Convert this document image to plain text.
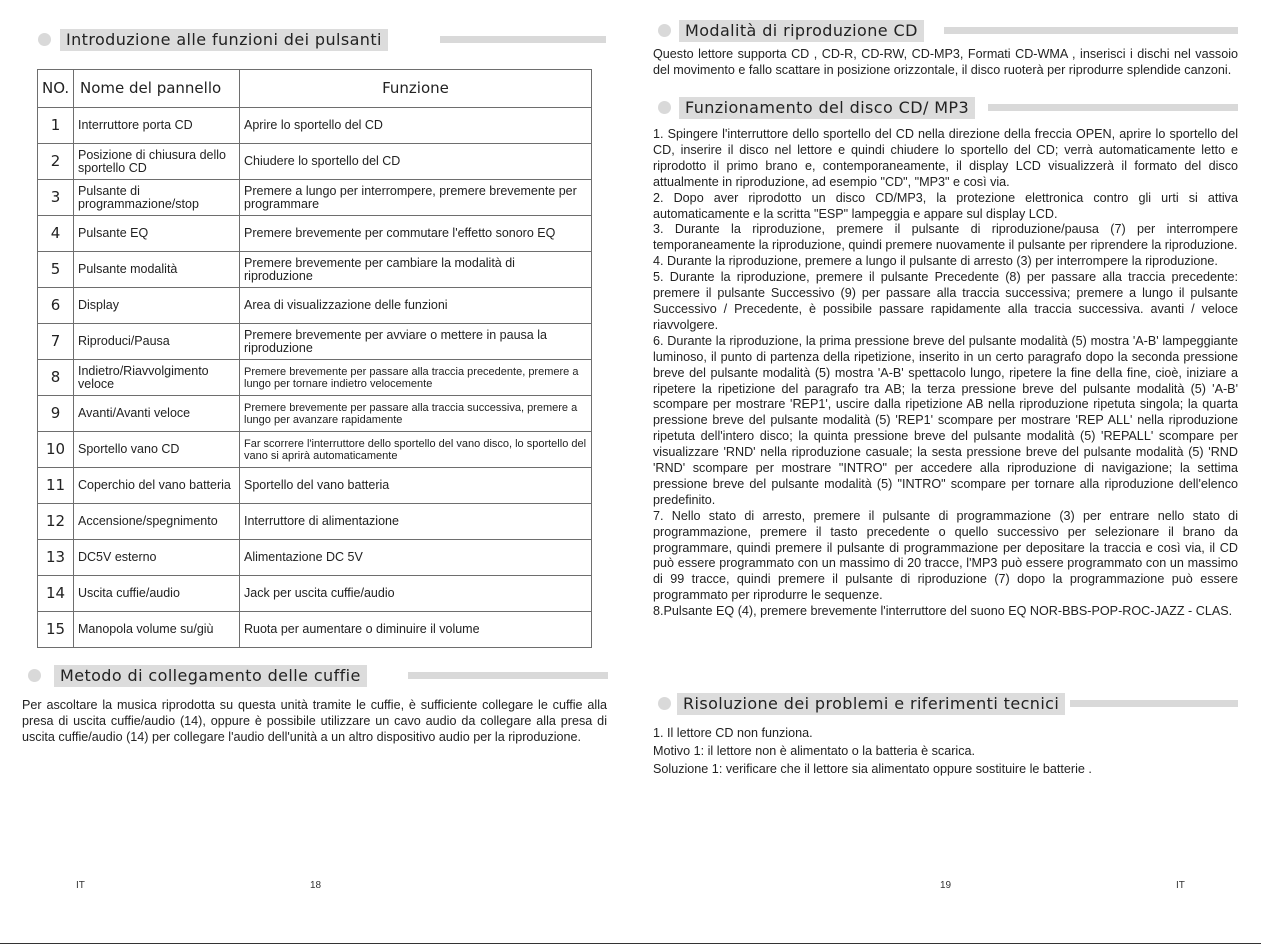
Introduzione alle funzioni dei pulsanti
NO.	Nome del pannello	Funzione
1	Interruttore porta CD	Aprire lo sportello del CD
2	Posizione di chiusura dello sportello CD	Chiudere lo sportello del CD
3	Pulsante di programmazione/stop	Premere a lungo per interrompere, premere brevemente per programmare
4	Pulsante EQ	Premere brevemente per commutare l'effetto sonoro EQ
5	Pulsante modalità	Premere brevemente per cambiare la modalità di riproduzione
6	Display	Area di visualizzazione delle funzioni
7	Riproduci/Pausa	Premere brevemente per avviare o mettere in pausa la riproduzione
8	Indietro/Riavvolgimento veloce	Premere brevemente per passare alla traccia precedente, premere a lungo per tornare indietro velocemente
9	Avanti/Avanti veloce	Premere brevemente per passare alla traccia successiva, premere a lungo per avanzare rapidamente
10	Sportello vano CD	Far scorrere l'interruttore dello sportello del vano disco, lo sportello del vano si aprirà automaticamente
11	Coperchio del vano batteria	Sportello del vano batteria
12	Accensione/spegnimento	Interruttore di alimentazione
13	DC5V esterno	Alimentazione DC 5V
14	Uscita cuffie/audio	Jack per uscita cuffie/audio
15	Manopola volume su/giù	Ruota per aumentare o diminuire il volume
Metodo di collegamento delle cuffie
Per ascoltare la musica riprodotta su questa unità tramite le cuffie, è sufficiente collegare le cuffie alla presa di uscita cuffie/audio (14), oppure è possibile utilizzare un cavo audio da collegare alla presa di uscita cuffie/audio (14) per collegare l'audio dell'unità a un altro dispositivo audio per la riproduzione.
IT	18
Modalità di riproduzione CD
Questo lettore supporta CD , CD-R, CD-RW, CD-MP3, Formati CD-WMA , inserisci i dischi nel vassoio del movimento e fallo scattare in posizione orizzontale, il disco ruoterà per riprodurre splendide canzoni.
Funzionamento del disco CD/ MP3
1. Spingere l'interruttore dello sportello del CD nella direzione della freccia OPEN, aprire lo sportello del CD, inserire il disco nel lettore e quindi chiudere lo sportello del CD; verrà automaticamente letto e riprodotto il primo brano e, contemporaneamente, il display LCD visualizzerà il formato del disco attualmente in riproduzione, ad esempio "CD", "MP3" e così via.
2. Dopo aver riprodotto un disco CD/MP3, la protezione elettronica contro gli urti si attiva automaticamente e la scritta "ESP" lampeggia e appare sul display LCD.
3. Durante la riproduzione, premere il pulsante di riproduzione/pausa (7) per interrompere temporaneamente la riproduzione, quindi premere nuovamente il pulsante per riprendere la riproduzione.
4. Durante la riproduzione, premere a lungo il pulsante di arresto (3) per interrompere la riproduzione.
5. Durante la riproduzione, premere il pulsante Precedente (8) per passare alla traccia precedente: premere il pulsante Successivo (9) per passare alla traccia successiva; premere a lungo il pulsante Successivo / Precedente, è possibile passare rapidamente alla traccia successiva. avanti / veloce riavvolgere.
6. Durante la riproduzione, la prima pressione breve del pulsante modalità (5) mostra 'A-B' lampeggiante luminoso, il punto di partenza della ripetizione, inserito in un certo paragrafo dopo la seconda pressione breve del pulsante modalità (5) mostra 'A-B' spettacolo lungo, ripetere la fine della fine, cioè, iniziare a ripetere la ripetizione del paragrafo tra AB; la terza pressione breve del pulsante modalità (5) 'A-B' scompare per mostrare 'REP1', uscire dalla ripetizione AB nella riproduzione ripetuta singola; la quarta pressione breve del pulsante modalità (5) 'REP1' scompare per mostrare 'REP ALL' nella riproduzione ripetuta dell'intero disco; la quinta pressione breve del pulsante modalità (5) 'REPALL' scompare per visualizzare 'RND' nella riproduzione casuale; la sesta pressione breve del pulsante modalità (5) 'RND 'RND' scompare per mostrare "INTRO" per accedere alla riproduzione di navigazione; la settima pressione breve del pulsante modalità (5) "INTRO" scompare per tornare alla riproduzione dell'elenco predefinito.
7. Nello stato di arresto, premere il pulsante di programmazione (3) per entrare nello stato di programmazione, premere il tasto precedente o quello successivo per selezionare il brano da programmare, quindi premere il pulsante di programmazione per depositare la traccia e così via, il CD può essere programmato con un massimo di 20 tracce, l'MP3 può essere programmato con un massimo di 99 tracce, quindi premere il pulsante di riproduzione (7) dopo la programmazione può essere programmato per riprodurre le sequenze.
8.Pulsante EQ (4), premere brevemente l'interruttore del suono EQ NOR-BBS-POP-ROC-JAZZ - CLAS.
Risoluzione dei problemi e riferimenti tecnici
1. Il lettore CD non funziona.
Motivo 1: il lettore non è alimentato o la batteria è scarica.
Soluzione 1: verificare che il lettore sia alimentato oppure sostituire le batterie .
19	IT
